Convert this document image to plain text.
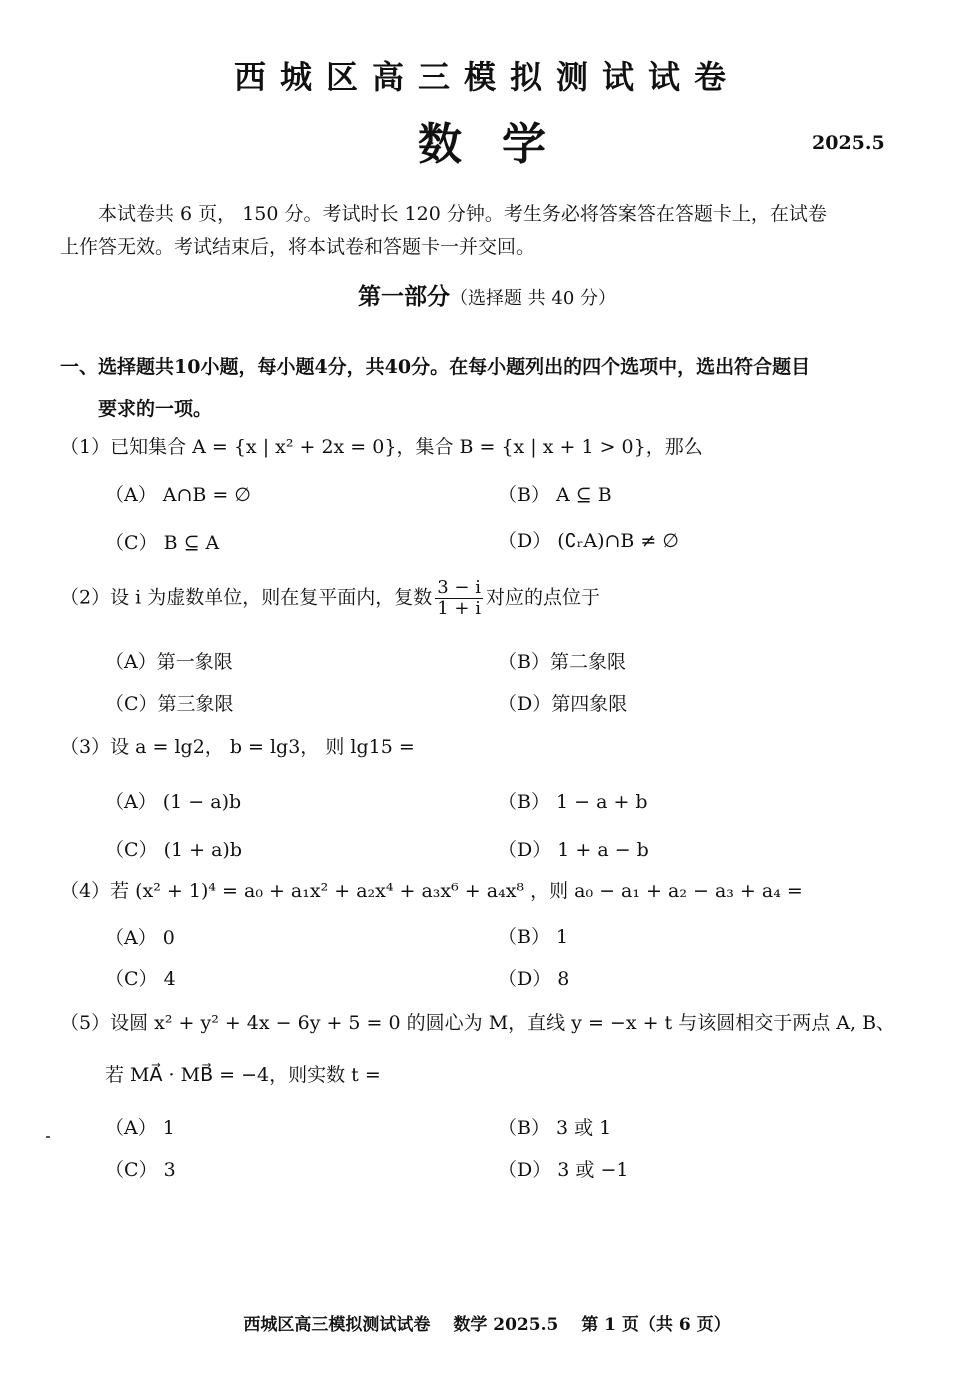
西城区高三模拟测试试卷
数学	2025.5
本试卷共 6 页， 150 分。考试时长 120 分钟。考生务必将答案答在答题卡上，在试卷
上作答无效。考试结束后，将本试卷和答题卡一并交回。
第一部分（选择题 共 40 分）
一、选择题共10小题，每小题4分，共40分。在每小题列出的四个选项中，选出符合题目
要求的一项。
（1）已知集合 A = {x | x² + 2x = 0}，集合 B = {x | x + 1 > 0}，那么
（A） A∩B = ∅	（B） A ⊆ B
（C） B ⊆ A	（D） (∁ᵣA)∩B ≠ ∅
（2）设 i 为虚数单位，则在复平面内，复数 $\frac{3 - i}{1 + i}$ 对应的点位于
（A）第一象限	（B）第二象限
（C）第三象限	（D）第四象限
（3）设 a = lg2， b = lg3， 则 lg15 =
（A） (1 − a)b	（B） 1 − a + b
（C） (1 + a)b	（D） 1 + a − b
（4）若 (x² + 1)⁴ = a₀ + a₁x² + a₂x⁴ + a₃x⁶ + a₄x⁸ ，则 a₀ − a₁ + a₂ − a₃ + a₄ =
（A） 0	（B） 1
（C） 4	（D） 8
（5）设圆 x² + y² + 4x − 6y + 5 = 0 的圆心为 M，直线 y = −x + t 与该圆相交于两点 A, B、
若 MA⃗ · MB⃗ = −4，则实数 t =
（A） 1	（B） 3 或 1
（C） 3	（D） 3 或 −1
西城区高三模拟测试试卷　 数学 2025.5　 第 1 页（共 6 页）
